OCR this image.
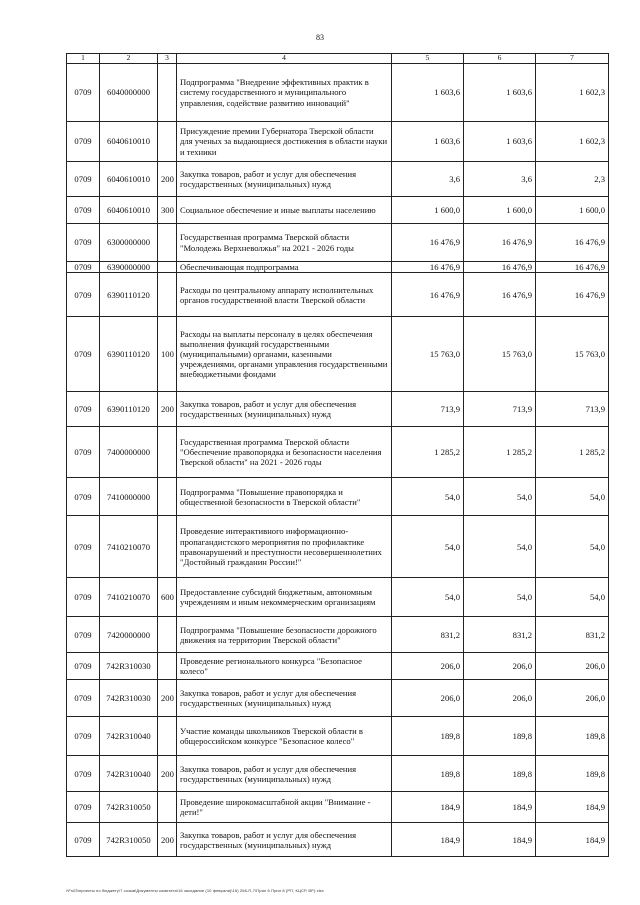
83
1	2	3	4	5	6	7
0709	6040000000		Подпрограмма "Внедрение эффективных практик в систему государственного и муниципального управления, содействие развитию инноваций"	1 603,6	1 603,6	1 602,3
0709	6040610010		Присуждение премии Губернатора Тверской области для ученых за выдающиеся достижения в области науки и техники	1 603,6	1 603,6	1 602,3
0709	6040610010	200	Закупка товаров, работ и услуг для обеспечения государственных (муниципальных) нужд	3,6	3,6	2,3
0709	6040610010	300	Социальное обеспечение и иные выплаты населению	1 600,0	1 600,0	1 600,0
0709	6300000000		Государственная программа Тверской области "Молодежь Верхневолжья" на 2021 - 2026 годы	16 476,9	16 476,9	16 476,9
0709	6390000000		Обеспечивающая подпрограмма	16 476,9	16 476,9	16 476,9
0709	6390110120		Расходы по центральному аппарату исполнительных органов государственной власти Тверской области	16 476,9	16 476,9	16 476,9
0709	6390110120	100	Расходы на выплаты персоналу в целях обеспечения выполнения функций государственными (муниципальными) органами, казенными учреждениями, органами управления государственными внебюджетными фондами	15 763,0	15 763,0	15 763,0
0709	6390110120	200	Закупка товаров, работ и услуг для обеспечения государственных (муниципальных) нужд	713,9	713,9	713,9
0709	7400000000		Государственная программа Тверской области "Обеспечение правопорядка и безопасности населения Тверской области" на 2021 - 2026 годы	1 285,2	1 285,2	1 285,2
0709	7410000000		Подпрограмма "Повышение правопорядка и общественной безопасности в Тверской области"	54,0	54,0	54,0
0709	7410210070		Проведение интерактивного информационно-пропагандистского мероприятия по профилактике правонарушений и преступности несовершеннолетних "Достойный гражданин России!"	54,0	54,0	54,0
0709	7410210070	600	Предоставление субсидий бюджетным, автономным учреждениям и иным некоммерческим организациям	54,0	54,0	54,0
0709	7420000000		Подпрограмма "Повышение безопасности дорожного движения на территории Тверской области"	831,2	831,2	831,2
0709	742R310030		Проведение регионального конкурса "Безопасное колесо"	206,0	206,0	206,0
0709	742R310030	200	Закупка товаров, работ и услуг для обеспечения государственных (муниципальных) нужд	206,0	206,0	206,0
0709	742R310040		Участие команды школьников Тверской области в общероссийском конкурсе "Безопасное колесо"	189,8	189,8	189,8
0709	742R310040	200	Закупка товаров, работ и услуг для обеспечения государственных (муниципальных) нужд	189,8	189,8	189,8
0709	742R310050		Проведение широкомасштабной акции "Внимание - дети!"	184,9	184,9	184,9
0709	742R310050	200	Закупка товаров, работ и услуг для обеспечения государственных (муниципальных) нужд	184,9	184,9	184,9
\\Fs03\проекты по бюджету\7 созыв\Документы комитета\16 заседание (10 февраля)\16) 266-П-7\Прил 6 Прил 8 (РП, КЦСР, ВР).xlsx
